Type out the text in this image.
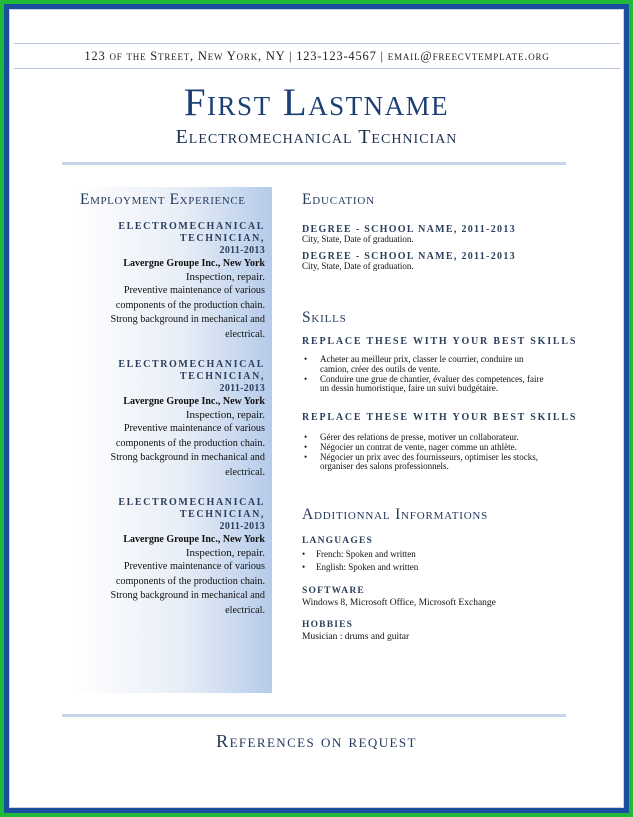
123 of the Street, New York, NY | 123-123-4567 | email@freecvtemplate.org
First Lastname
Electromechanical Technician
Employment Experience
ELECTROMECHANICAL TECHNICIAN,
2011-2013
Lavergne Groupe Inc., New York
Inspection, repair.
Preventive maintenance of various
components of the production chain.
Strong background in mechanical and
electrical.
ELECTROMECHANICAL TECHNICIAN,
2011-2013
Lavergne Groupe Inc., New York
Inspection, repair.
Preventive maintenance of various
components of the production chain.
Strong background in mechanical and
electrical.
ELECTROMECHANICAL TECHNICIAN,
2011-2013
Lavergne Groupe Inc., New York
Inspection, repair.
Preventive maintenance of various
components of the production chain.
Strong background in mechanical and
electrical.
Education
DEGREE - SCHOOL NAME, 2011-2013
City, State, Date of graduation.
DEGREE - SCHOOL NAME, 2011-2013
City, State, Date of graduation.
Skills
REPLACE THESE WITH YOUR BEST SKILLS
• Acheter au meilleur prix, classer le courrier, conduire un
camion, créer des outils de vente.
• Conduire une grue de chantier, évaluer des competences, faire
un dessin humoristique, faire un suivi budgétaire.
REPLACE THESE WITH YOUR BEST SKILLS
• Gérer des relations de presse, motiver un collaborateur.
• Négocier un contrat de vente, nager comme un athlète.
• Négocier un prix avec des fournisseurs, optimiser les stocks,
organiser des salons professionnels.
Additionnal Informations
LANGUAGES
• French: Spoken and written
• English: Spoken and written
SOFTWARE
Windows 8, Microsoft Office, Microsoft Exchange
HOBBIES
Musician : drums and guitar
References on request
